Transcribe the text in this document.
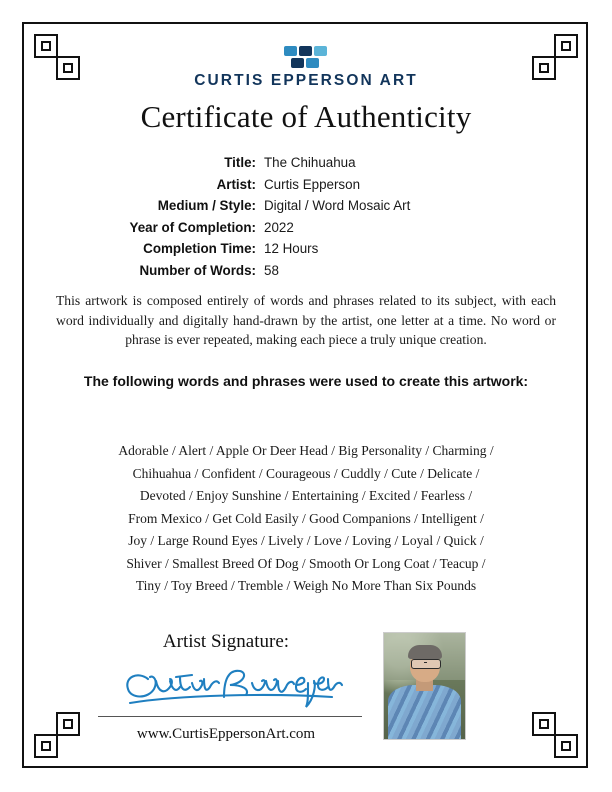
CURTIS EPPERSON ART
Certificate of Authenticity
Title:	The Chihuahua
Artist:	Curtis Epperson
Medium / Style:	Digital / Word Mosaic Art
Year of Completion:	2022
Completion Time:	12 Hours
Number of Words:	58
This artwork is composed entirely of words and phrases related to its subject, with each word individually and digitally hand-drawn by the artist, one letter at a time. No word or phrase is ever repeated, making each piece a truly unique creation.
The following words and phrases were used to create this artwork:
Adorable / Alert / Apple Or Deer Head / Big Personality / Charming /
Chihuahua / Confident / Courageous / Cuddly / Cute / Delicate /
Devoted / Enjoy Sunshine / Entertaining / Excited / Fearless /
From Mexico / Get Cold Easily / Good Companions / Intelligent /
Joy / Large Round Eyes / Lively / Love / Loving / Loyal / Quick /
Shiver / Smallest Breed Of Dog / Smooth Or Long Coat / Teacup /
Tiny / Toy Breed / Tremble / Weigh No More Than Six Pounds
Artist Signature:
www.CurtisEppersonArt.com
